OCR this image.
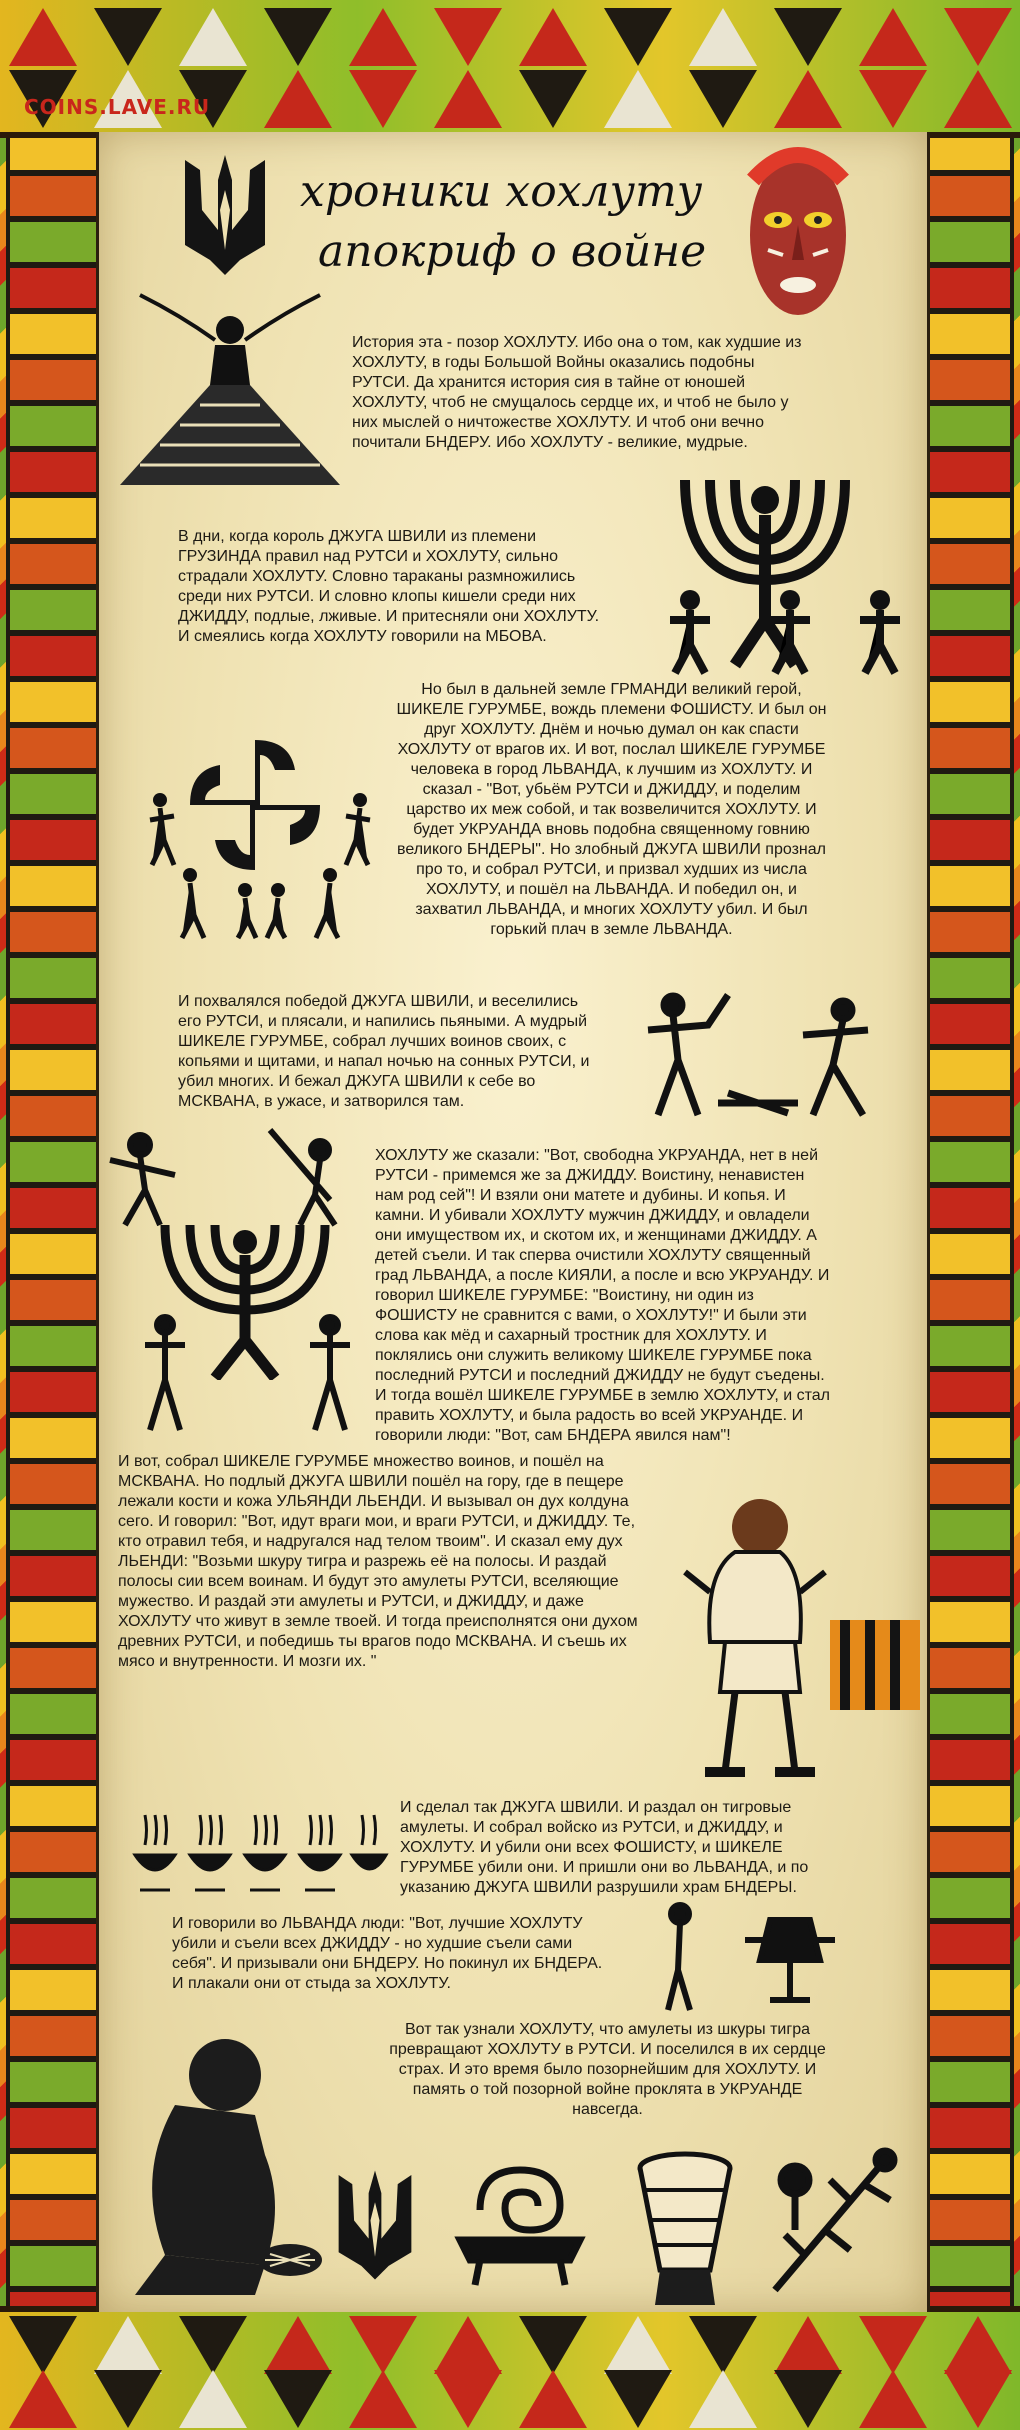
COINS.LAVE.RU
хроники хохлуту
апокриф о войне

История эта - позор ХОХЛУТУ. Ибо она о том, как худшие из ХОХЛУТУ, в годы Большой Войны оказались подобны РУТСИ. Да хранится история сия в тайне от юношей ХОХЛУТУ, чтоб не смущалось сердце их, и чтоб не было у них мыслей о ничтожестве ХОХЛУТУ. И чтоб они вечно почитали БНДЕРУ. Ибо ХОХЛУТУ - великие, мудрые.

В дни, когда король ДЖУГА ШВИЛИ из племени ГРУЗИНДА правил над РУТСИ и ХОХЛУТУ, сильно страдали ХОХЛУТУ. Словно тараканы размножились среди них РУТСИ. И словно клопы кишели среди них ДЖИДДУ, подлые, лживые. И притесняли они ХОХЛУТУ. И смеялись когда ХОХЛУТУ говорили на МБОВА.

Но был в дальней земле ГРМАНДИ великий герой, ШИКЕЛЕ ГУРУМБЕ, вождь племени ФОШИСТУ. И был он друг ХОХЛУТУ. Днём и ночью думал он как спасти ХОХЛУТУ от врагов их. И вот, послал ШИКЕЛЕ ГУРУМБЕ человека в город ЛЬВАНДА, к лучшим из ХОХЛУТУ. И сказал - "Вот, убьём РУТСИ и ДЖИДДУ, и поделим царство их меж собой, и так возвеличится ХОХЛУТУ. И будет УКРУАНДА вновь подобна священному говнию великого БНДЕРЫ". Но злобный ДЖУГА ШВИЛИ прознал про то, и собрал РУТСИ, и призвал худших из числа ХОХЛУТУ, и пошёл на ЛЬВАНДА. И победил он, и захватил ЛЬВАНДА, и многих ХОХЛУТУ убил. И был горький плач в земле ЛЬВАНДА.

И похвалялся победой ДЖУГА ШВИЛИ, и веселились его РУТСИ, и плясали, и напились пьяными. А мудрый ШИКЕЛЕ ГУРУМБЕ, собрал лучших воинов своих, с копьями и щитами, и напал ночью на сонных РУТСИ, и убил многих. И бежал ДЖУГА ШВИЛИ к себе во МСКВАНА, в ужасе, и затворился там.

ХОХЛУТУ же сказали: "Вот, свободна УКРУАНДА, нет в ней РУТСИ - примемся же за ДЖИДДУ. Воистину, ненавистен нам род сей"! И взяли они матете и дубины. И копья. И камни. И убивали ХОХЛУТУ мужчин ДЖИДДУ, и овладели они имуществом их, и скотом их, и женщинами ДЖИДДУ. А детей съели. И так сперва очистили ХОХЛУТУ священный град ЛЬВАНДА, а после КИЯЛИ, а после и всю УКРУАНДУ. И говорил ШИКЕЛЕ ГУРУМБЕ: "Воистину, ни один из ФОШИСТУ не сравнится с вами, о ХОХЛУТУ!" И были эти слова как мёд и сахарный тростник для ХОХЛУТУ. И поклялись они служить великому ШИКЕЛЕ ГУРУМБЕ пока последний РУТСИ и последний ДЖИДДУ не будут съедены. И тогда вошёл ШИКЕЛЕ ГУРУМБЕ в землю ХОХЛУТУ, и стал править ХОХЛУТУ, и была радость во всей УКРУАНДЕ. И говорили люди: "Вот, сам БНДЕРА явился нам"!

И вот, собрал ШИКЕЛЕ ГУРУМБЕ множество воинов, и пошёл на МСКВАНА. Но подлый ДЖУГА ШВИЛИ пошёл на гору, где в пещере лежали кости и кожа УЛЬЯНДИ ЛЬЕНДИ. И вызывал он дух колдуна сего. И говорил: "Вот, идут враги мои, и враги РУТСИ, и ДЖИДДУ. Те, кто отравил тебя, и надругался над телом твоим". И сказал ему дух ЛЬЕНДИ: "Возьми шкуру тигра и разрежь её на полосы. И раздай полосы сии всем воинам. И будут это амулеты РУТСИ, вселяющие мужество. И раздай эти амулеты и РУТСИ, и ДЖИДДУ, и даже ХОХЛУТУ что живут в земле твоей. И тогда преисполнятся они духом древних РУТСИ, и победишь ты врагов подо МСКВАНА. И съешь их мясо и внутренности. И мозги их. "

И сделал так ДЖУГА ШВИЛИ. И раздал он тигровые амулеты. И собрал войско из РУТСИ, и ДЖИДДУ, и ХОХЛУТУ. И убили они всех ФОШИСТУ, и ШИКЕЛЕ ГУРУМБЕ убили они. И пришли они во ЛЬВАНДА, и по указанию ДЖУГА ШВИЛИ разрушили храм БНДЕРЫ.

И говорили во ЛЬВАНДА люди: "Вот, лучшие ХОХЛУТУ убили и съели всех ДЖИДДУ - но худшие съели сами себя". И призывали они БНДЕРУ. Но покинул их БНДЕРА. И плакали они от стыда за ХОХЛУТУ.

Вот так узнали ХОХЛУТУ, что амулеты из шкуры тигра превращают ХОХЛУТУ в РУТСИ. И поселился в их сердце страх. И это время было позорнейшим для ХОХЛУТУ. И память о той позорной войне проклята в УКРУАНДЕ навсегда.
